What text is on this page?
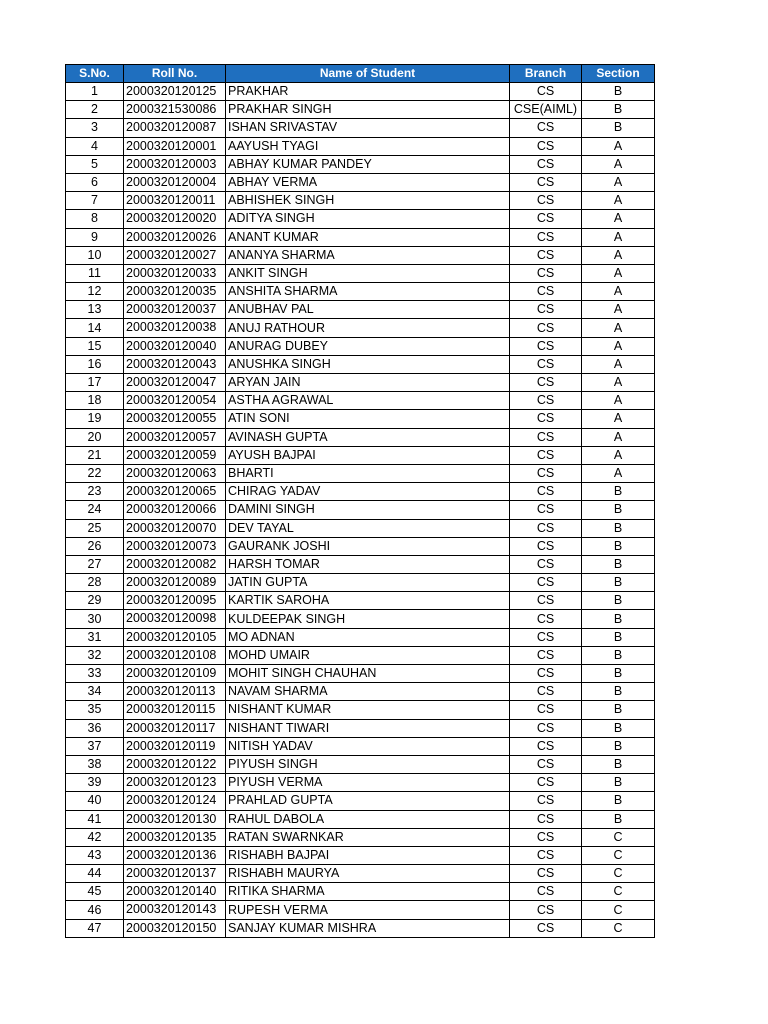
S.No.	Roll No.	Name of Student	Branch	Section
1	2000320120125	PRAKHAR	CS	B
2	2000321530086	PRAKHAR SINGH	CSE(AIML)	B
3	2000320120087	ISHAN SRIVASTAV	CS	B
4	2000320120001	AAYUSH TYAGI	CS	A
5	2000320120003	ABHAY KUMAR PANDEY	CS	A
6	2000320120004	ABHAY VERMA	CS	A
7	2000320120011	ABHISHEK SINGH	CS	A
8	2000320120020	ADITYA SINGH	CS	A
9	2000320120026	ANANT KUMAR	CS	A
10	2000320120027	ANANYA SHARMA	CS	A
11	2000320120033	ANKIT SINGH	CS	A
12	2000320120035	ANSHITA SHARMA	CS	A
13	2000320120037	ANUBHAV PAL	CS	A
14	2000320120038	ANUJ RATHOUR	CS	A
15	2000320120040	ANURAG DUBEY	CS	A
16	2000320120043	ANUSHKA SINGH	CS	A
17	2000320120047	ARYAN JAIN	CS	A
18	2000320120054	ASTHA AGRAWAL	CS	A
19	2000320120055	ATIN SONI	CS	A
20	2000320120057	AVINASH GUPTA	CS	A
21	2000320120059	AYUSH BAJPAI	CS	A
22	2000320120063	BHARTI	CS	A
23	2000320120065	CHIRAG YADAV	CS	B
24	2000320120066	DAMINI SINGH	CS	B
25	2000320120070	DEV TAYAL	CS	B
26	2000320120073	GAURANK JOSHI	CS	B
27	2000320120082	HARSH TOMAR	CS	B
28	2000320120089	JATIN GUPTA	CS	B
29	2000320120095	KARTIK SAROHA	CS	B
30	2000320120098	KULDEEPAK SINGH	CS	B
31	2000320120105	MO ADNAN	CS	B
32	2000320120108	MOHD UMAIR	CS	B
33	2000320120109	MOHIT SINGH CHAUHAN	CS	B
34	2000320120113	NAVAM SHARMA	CS	B
35	2000320120115	NISHANT KUMAR	CS	B
36	2000320120117	NISHANT TIWARI	CS	B
37	2000320120119	NITISH YADAV	CS	B
38	2000320120122	PIYUSH SINGH	CS	B
39	2000320120123	PIYUSH VERMA	CS	B
40	2000320120124	PRAHLAD GUPTA	CS	B
41	2000320120130	RAHUL DABOLA	CS	B
42	2000320120135	RATAN SWARNKAR	CS	C
43	2000320120136	RISHABH BAJPAI	CS	C
44	2000320120137	RISHABH MAURYA	CS	C
45	2000320120140	RITIKA SHARMA	CS	C
46	2000320120143	RUPESH VERMA	CS	C
47	2000320120150	SANJAY KUMAR MISHRA	CS	C
